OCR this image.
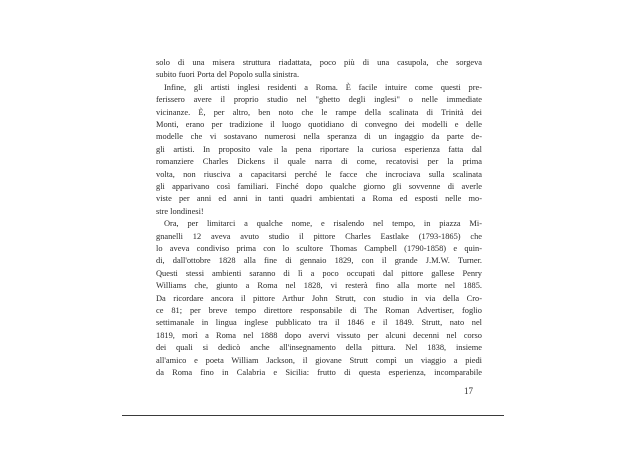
solo di una misera struttura riadattata, poco più di una casupola, che sorgeva
subito fuori Porta del Popolo sulla sinistra.
Infine, gli artisti inglesi residenti a Roma. È facile intuire come questi pre-
ferissero avere il proprio studio nel "ghetto degli inglesi" o nelle immediate
vicinanze. È, per altro, ben noto che le rampe della scalinata di Trinità dei
Monti, erano per tradizione il luogo quotidiano di convegno dei modelli e delle
modelle che vi sostavano numerosi nella speranza di un ingaggio da parte de-
gli artisti. In proposito vale la pena riportare la curiosa esperienza fatta dal
romanziere Charles Dickens il quale narra di come, recatovisi per la prima
volta, non riusciva a capacitarsi perché le facce che incrociava sulla scalinata
gli apparivano così familiari. Finché dopo qualche giorno gli sovvenne di averle
viste per anni ed anni in tanti quadri ambientati a Roma ed esposti nelle mo-
stre londinesi!
Ora, per limitarci a qualche nome, e risalendo nel tempo, in piazza Mi-
gnanelli 12 aveva avuto studio il pittore Charles Eastlake (1793-1865) che
lo aveva condiviso prima con lo scultore Thomas Campbell (1790-1858) e quin-
di, dall'ottobre 1828 alla fine di gennaio 1829, con il grande J.M.W. Turner.
Questi stessi ambienti saranno di lì a poco occupati dal pittore gallese Penry
Williams che, giunto a Roma nel 1828, vi resterà fino alla morte nel 1885.
Da ricordare ancora il pittore Arthur John Strutt, con studio in via della Cro-
ce 81; per breve tempo direttore responsabile di The Roman Advertiser, foglio
settimanale in lingua inglese pubblicato tra il 1846 e il 1849. Strutt, nato nel
1819, morì a Roma nel 1888 dopo avervi vissuto per alcuni decenni nel corso
dei quali si dedicò anche all'insegnamento della pittura. Nel 1838, insieme
all'amico e poeta William Jackson, il giovane Strutt compì un viaggio a piedi
da Roma fino in Calabria e Sicilia: frutto di questa esperienza, incomparabile
17
